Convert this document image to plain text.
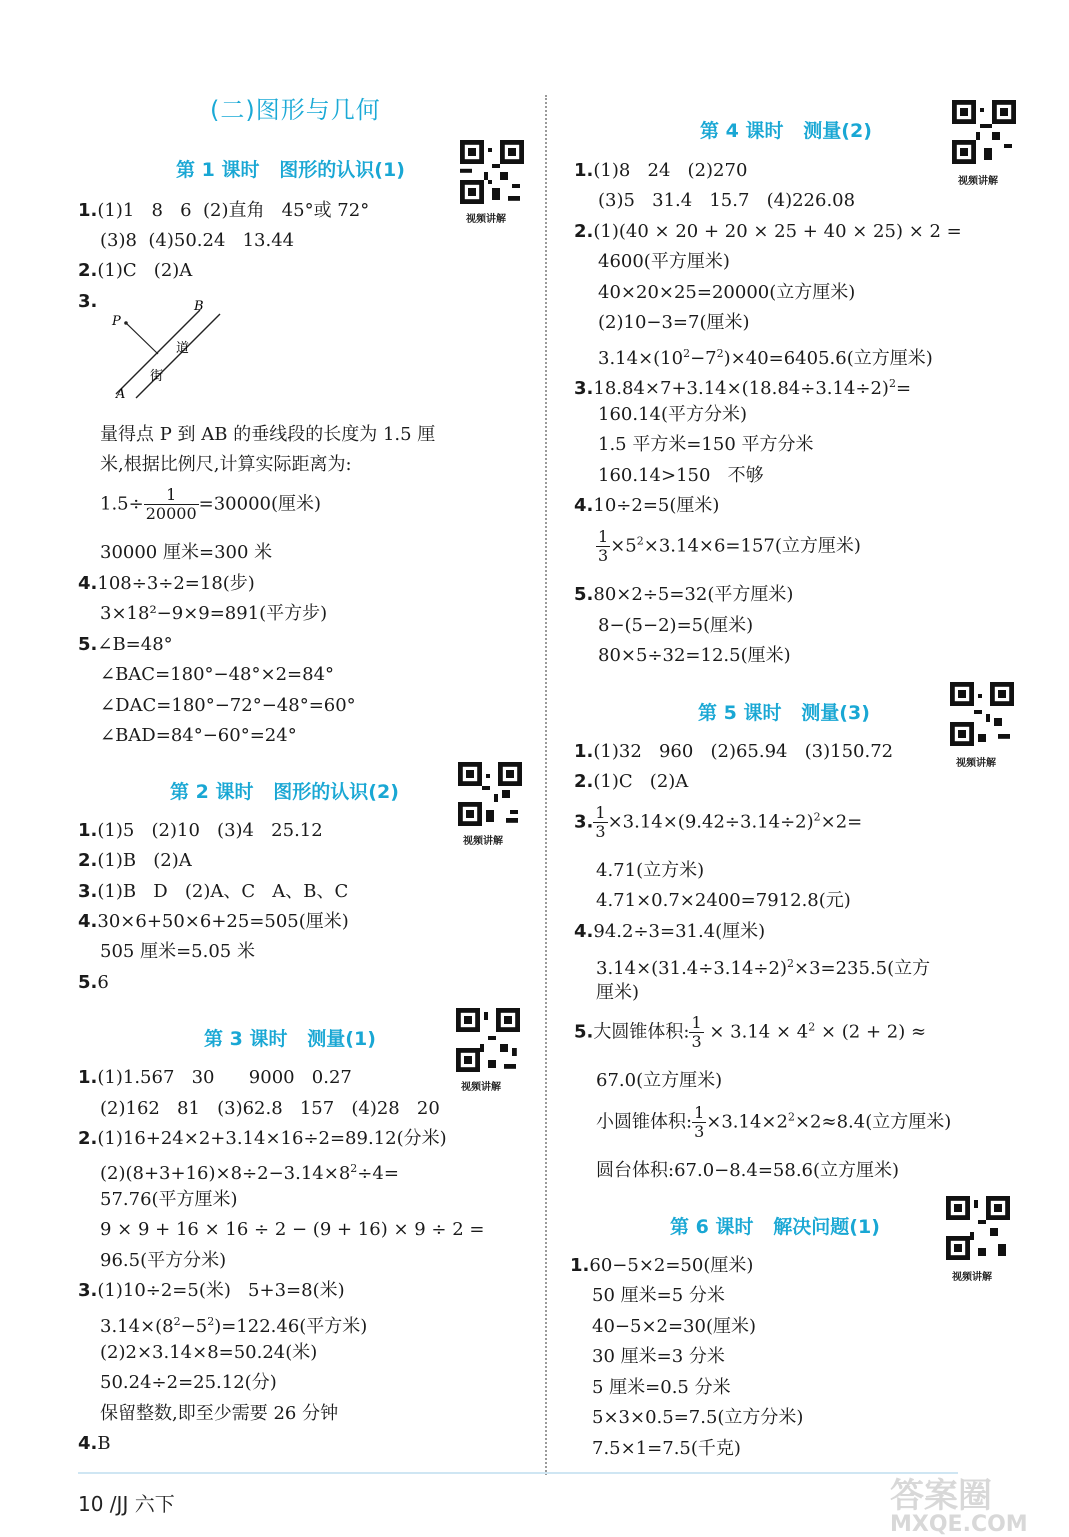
(二)图形与几何
第 1 课时   图形的认识(1)
视频讲解
1.(1)1   8   6  (2)直角   45°或 72°
(3)8  (4)50.24   13.44
2.(1)C   (2)A
3.
P
B
A
道
街
量得点 P 到 AB 的垂线段的长度为 1.5 厘
米,根据比例尺,计算实际距离为:
$1.5\div \frac{1}{20000} =30000$(厘米)
30000 厘米=300 米
4.108÷3÷2=18(步)
3×18²−9×9=891(平方步)
5.∠B=48°
∠BAC=180°−48°×2=84°
∠DAC=180°−72°−48°=60°
∠BAD=84°−60°=24°
第 2 课时   图形的认识(2)
视频讲解
1.(1)5   (2)10   (3)4   25.12
2.(1)B   (2)A
3.(1)B   D   (2)A、C   A、B、C
4.30×6+50×6+25=505(厘米)
505 厘米=5.05 米
5.6
第 3 课时   测量(1)
视频讲解
1.(1)1.567   30      9000   0.27
(2)162   81   (3)62.8   157   (4)28   20
2.(1)16+24×2+3.14×16÷2=89.12(分米)
$(2)(8+3+16)\times 8\div 2-3.14\times 8^2\div 4=$
57.76(平方厘米)
9 × 9 + 16 × 16 ÷ 2 − (9 + 16) × 9 ÷ 2 =
96.5(平方分米)
3.(1)10÷2=5(米)   5+3=8(米)
$3.14\times(8^2-5^2)=122.46$(平方米)
(2)2×3.14×8=50.24(米)
50.24÷2=25.12(分)
保留整数,即至少需要 26 分钟
4.B
第 4 课时   测量(2)
视频讲解
1.(1)8   24   (2)270
(3)5   31.4   15.7   (4)226.08
2.(1)(40 × 20 + 20 × 25 + 40 × 25) × 2 =
4600(平方厘米)
40×20×25=20000(立方厘米)
(2)10−3=7(厘米)
$3.14\times(10^2-7^2)\times 40=6405.6$(立方厘米)
$3.18.84\times 7+3.14\times(18.84\div 3.14\div 2)^2=$
160.14(平方分米)
1.5 平方米=150 平方分米
160.14>150   不够
4.10÷2=5(厘米)
$\frac{1}{3} \times 5^2\times 3.14\times 6=157$(立方厘米)
5.80×2÷5=32(平方厘米)
8−(5−2)=5(厘米)
80×5÷32=12.5(厘米)
第 5 课时   测量(3)
视频讲解
1.(1)32   960   (2)65.94   (3)150.72
2.(1)C   (2)A
3. $\frac{1}{3} \times 3.14\times(9.42\div 3.14\div 2)^2\times 2=$
4.71(立方米)
4.71×0.7×2400=7912.8(元)
4.94.2÷3=31.4(厘米)
$3.14\times(31.4\div 3.14\div 2)^2\times 3=235.5$(立方
厘米)
5.大圆锥体积: $\frac{1}{3} \times 3.14 \times 4^2 \times (2 + 2)$ ≈
67.0(立方厘米)
小圆锥体积: $\frac{1}{3} \times 3.14\times 2^2\times 2\approx 8.4$(立方厘米)
圆台体积:67.0−8.4=58.6(立方厘米)
第 6 课时   解决问题(1)
视频讲解
1.60−5×2=50(厘米)
50 厘米=5 分米
40−5×2=30(厘米)
30 厘米=3 分米
5 厘米=0.5 分米
5×3×0.5=7.5(立方分米)
7.5×1=7.5(千克)
10 /JJ 六下	答案圈
MXQE.COM
